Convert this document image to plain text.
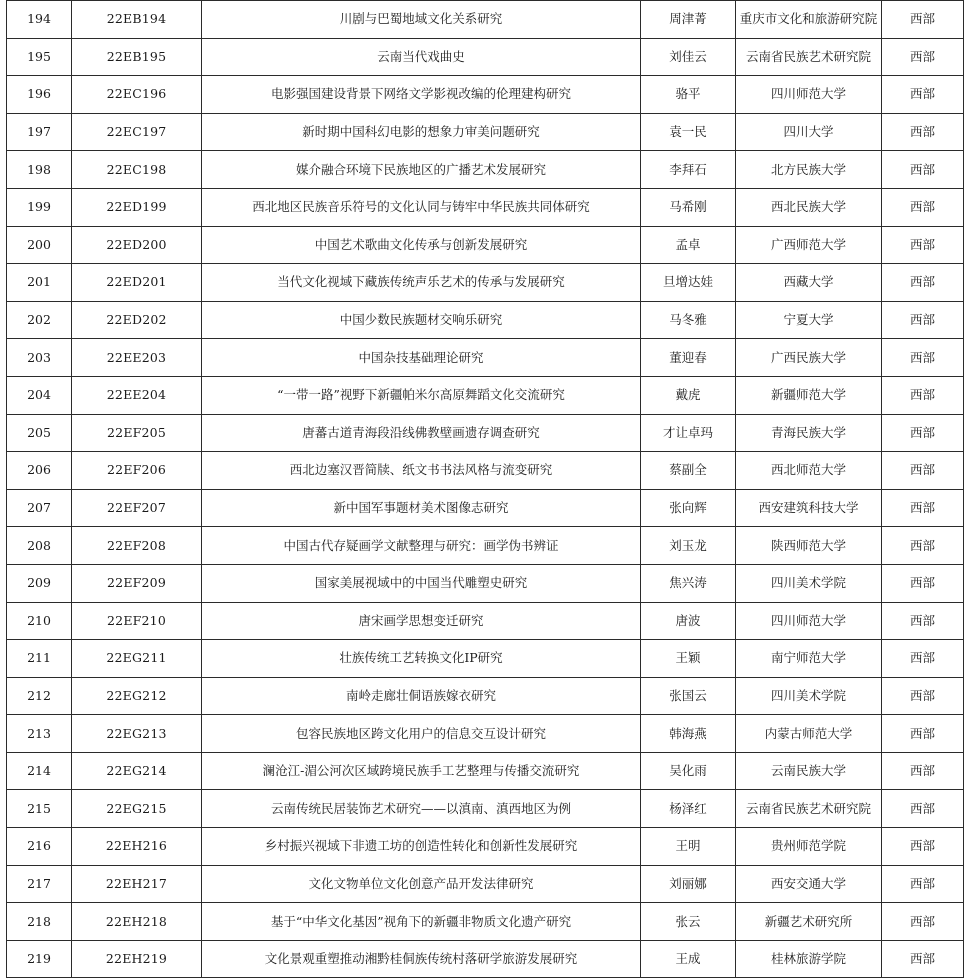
194	22EB194	川剧与巴蜀地域文化关系研究	周津菁	重庆市文化和旅游研究院	西部
195	22EB195	云南当代戏曲史	刘佳云	云南省民族艺术研究院	西部
196	22EC196	电影强国建设背景下网络文学影视改编的伦理建构研究	骆平	四川师范大学	西部
197	22EC197	新时期中国科幻电影的想象力审美问题研究	袁一民	四川大学	西部
198	22EC198	媒介融合环境下民族地区的广播艺术发展研究	李拜石	北方民族大学	西部
199	22ED199	西北地区民族音乐符号的文化认同与铸牢中华民族共同体研究	马希刚	西北民族大学	西部
200	22ED200	中国艺术歌曲文化传承与创新发展研究	孟卓	广西师范大学	西部
201	22ED201	当代文化视域下藏族传统声乐艺术的传承与发展研究	旦增达娃	西藏大学	西部
202	22ED202	中国少数民族题材交响乐研究	马冬雅	宁夏大学	西部
203	22EE203	中国杂技基础理论研究	董迎春	广西民族大学	西部
204	22EE204	“一带一路”视野下新疆帕米尔高原舞蹈文化交流研究	戴虎	新疆师范大学	西部
205	22EF205	唐蕃古道青海段沿线佛教壁画遗存调查研究	才让卓玛	青海民族大学	西部
206	22EF206	西北边塞汉晋简牍、纸文书书法风格与流变研究	蔡副全	西北师范大学	西部
207	22EF207	新中国军事题材美术图像志研究	张向辉	西安建筑科技大学	西部
208	22EF208	中国古代存疑画学文献整理与研究：画学伪书辨证	刘玉龙	陕西师范大学	西部
209	22EF209	国家美展视域中的中国当代雕塑史研究	焦兴涛	四川美术学院	西部
210	22EF210	唐宋画学思想变迁研究	唐波	四川师范大学	西部
211	22EG211	壮族传统工艺转换文化IP研究	王颖	南宁师范大学	西部
212	22EG212	南岭走廊壮侗语族嫁衣研究	张国云	四川美术学院	西部
213	22EG213	包容民族地区跨文化用户的信息交互设计研究	韩海燕	内蒙古师范大学	西部
214	22EG214	澜沧江-湄公河次区域跨境民族手工艺整理与传播交流研究	吴化雨	云南民族大学	西部
215	22EG215	云南传统民居装饰艺术研究——以滇南、滇西地区为例	杨泽红	云南省民族艺术研究院	西部
216	22EH216	乡村振兴视域下非遗工坊的创造性转化和创新性发展研究	王明	贵州师范学院	西部
217	22EH217	文化文物单位文化创意产品开发法律研究	刘丽娜	西安交通大学	西部
218	22EH218	基于“中华文化基因”视角下的新疆非物质文化遗产研究	张云	新疆艺术研究所	西部
219	22EH219	文化景观重塑推动湘黔桂侗族传统村落研学旅游发展研究	王成	桂林旅游学院	西部
